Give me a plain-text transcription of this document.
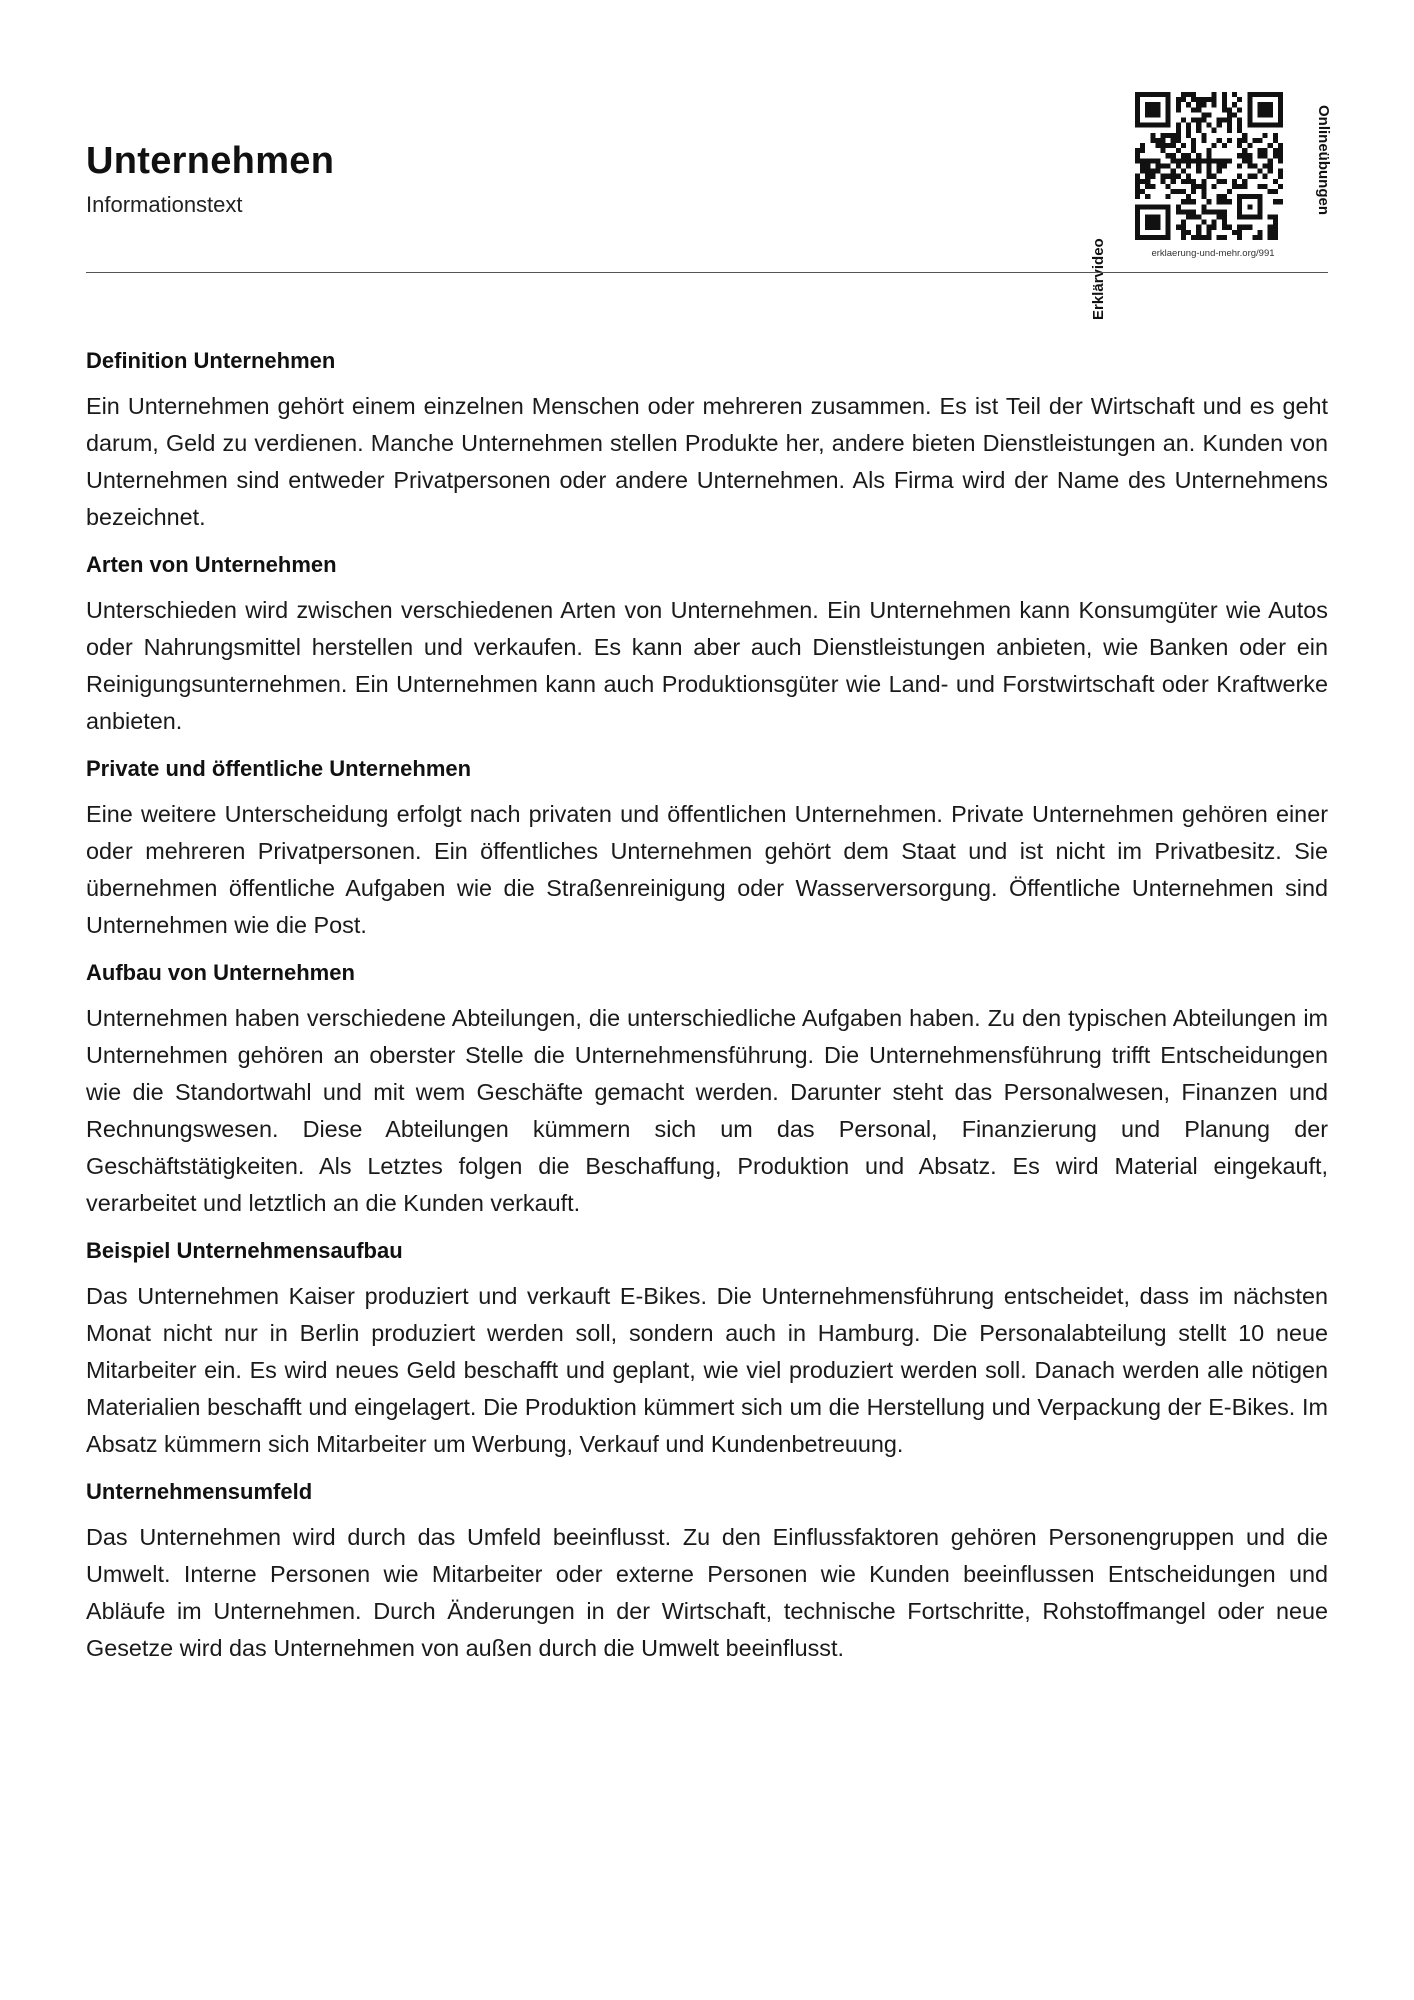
Unternehmen

Informationstext

Erklärvideo
Onlineübungen
erklaerung-und-mehr.org/991
Definition Unternehmen

Ein Unternehmen gehört einem einzelnen Menschen oder mehreren zusammen. Es ist Teil der Wirtschaft und es geht darum, Geld zu verdienen. Manche Unternehmen stellen Produkte her, andere bieten Dienstleistungen an. Kunden von Unternehmen sind entweder Privatpersonen oder andere Unternehmen. Als Firma wird der Name des Unternehmens bezeichnet.

Arten von Unternehmen

Unterschieden wird zwischen verschiedenen Arten von Unternehmen. Ein Unternehmen kann Konsumgüter wie Autos oder Nahrungsmittel herstellen und verkaufen. Es kann aber auch Dienstleistungen anbieten, wie Banken oder ein Reinigungsunternehmen. Ein Unternehmen kann auch Produktionsgüter wie Land- und Forstwirtschaft oder Kraftwerke anbieten.

Private und öffentliche Unternehmen

Eine weitere Unterscheidung erfolgt nach privaten und öffentlichen Unternehmen. Private Unternehmen gehören einer oder mehreren Privatpersonen. Ein öffentliches Unternehmen gehört dem Staat und ist nicht im Privatbesitz. Sie übernehmen öffentliche Aufgaben wie die Straßenreinigung oder Wasserversorgung. Öffentliche Unternehmen sind Unternehmen wie die Post.

Aufbau von Unternehmen

Unternehmen haben verschiedene Abteilungen, die unterschiedliche Aufgaben haben. Zu den typischen Abteilungen im Unternehmen gehören an oberster Stelle die Unternehmensführung. Die Unternehmensführung trifft Entscheidungen wie die Standortwahl und mit wem Geschäfte gemacht werden. Darunter steht das Personalwesen, Finanzen und Rechnungswesen. Diese Abteilungen kümmern sich um das Personal, Finanzierung und Planung der Geschäftstätigkeiten. Als Letztes folgen die Beschaffung, Produktion und Absatz. Es wird Material eingekauft, verarbeitet und letztlich an die Kunden verkauft.

Beispiel Unternehmensaufbau

Das Unternehmen Kaiser produziert und verkauft E-Bikes. Die Unternehmensführung entscheidet, dass im nächsten Monat nicht nur in Berlin produziert werden soll, sondern auch in Hamburg. Die Personalabteilung stellt 10 neue Mitarbeiter ein. Es wird neues Geld beschafft und geplant, wie viel produziert werden soll. Danach werden alle nötigen Materialien beschafft und eingelagert. Die Produktion kümmert sich um die Herstellung und Verpackung der E-Bikes. Im Absatz kümmern sich Mitarbeiter um Werbung, Verkauf und Kundenbetreuung.

Unternehmensumfeld

Das Unternehmen wird durch das Umfeld beeinflusst. Zu den Einflussfaktoren gehören Personengruppen und die Umwelt. Interne Personen wie Mitarbeiter oder externe Personen wie Kunden beeinflussen Entscheidungen und Abläufe im Unternehmen. Durch Änderungen in der Wirtschaft, technische Fortschritte, Rohstoffmangel oder neue Gesetze wird das Unternehmen von außen durch die Umwelt beeinflusst.
